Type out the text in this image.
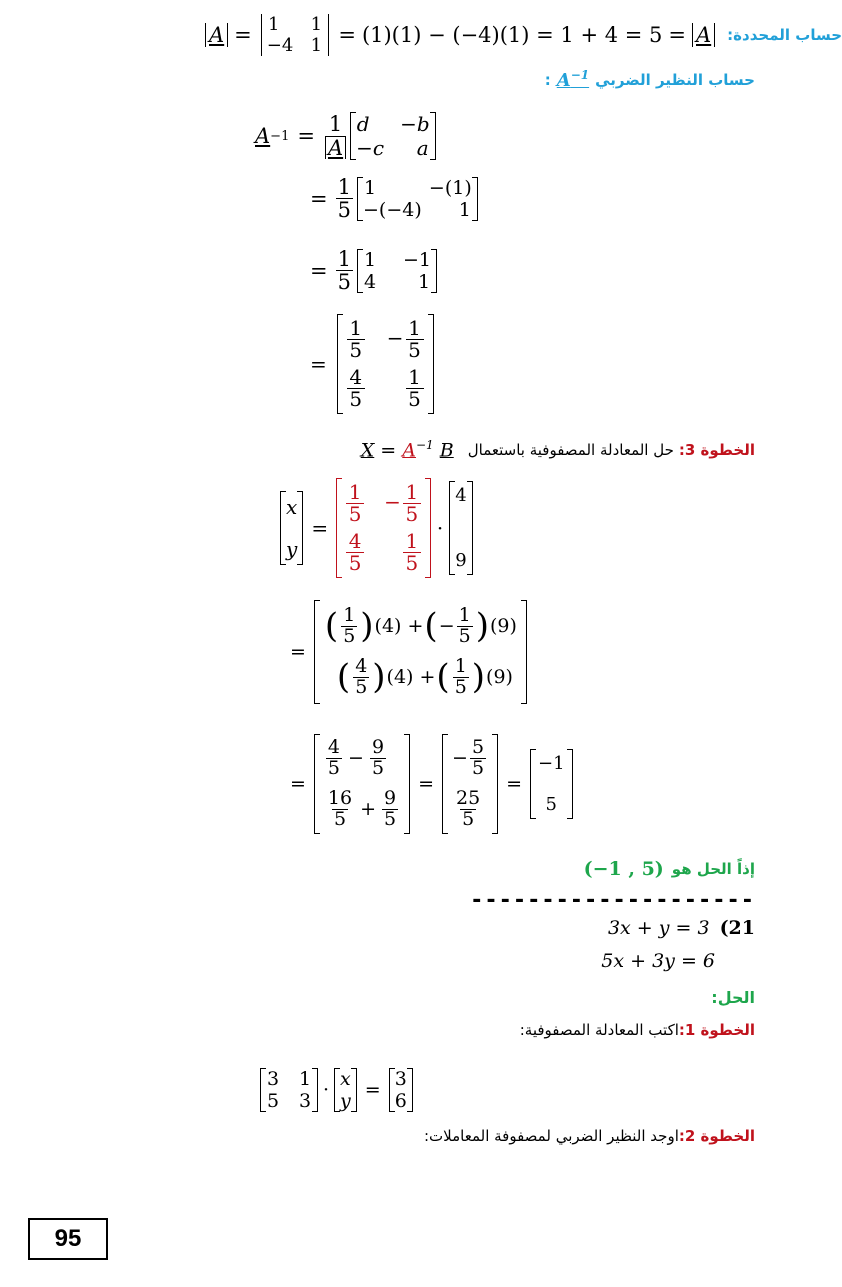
A = 1 1
−4 1 = (1)(1) − (−4)(1) = 1 + 4 = 5 = A حساب المحددة:
: $A^{-1}$ حساب النظير الضربي
$A -1 = \frac{1}{A}$ d −b
−c a
= $\frac{1}{5} 1$	−(1)
−(−4) 1
= $\frac{1}{5} 1 -1$
4 1
=
$\frac{1}{5} - \frac{1}{5}$
$\frac{4}{5} \frac{1}{5}$
$X = A^{-1}$ B حل المعادلة المصفوفية باستعمال الخطوة 3:
x
y
=
$\frac{1}{5} - \frac{1}{5}$
$\frac{4}{5} \frac{1}{5}$
·
4
9
=
( $\frac{1}{5}$ ) (4) + ( − $\frac{1}{5}$ ) (9)
( $\frac{4}{5}$ ) (4) + ( $\frac{1}{5}$ ) (9)
=
$\frac{4}{5} - \frac{9}{5}$
$\frac{16}{5} + \frac{9}{5}$
=
− $\frac{5}{5}$
$\frac{25}{5}$
=
−1
5
(−1 , 5) إذاً الحل هو
--------------------
3x + y = 3 (21
5x + 3y = 6
الحل:
اكتب المعادلة المصفوفية: الخطوة 1:
3 1
5 3 · x
y = 3
6
اوجد النظير الضربي لمصفوفة المعاملات: الخطوة 2:
95
